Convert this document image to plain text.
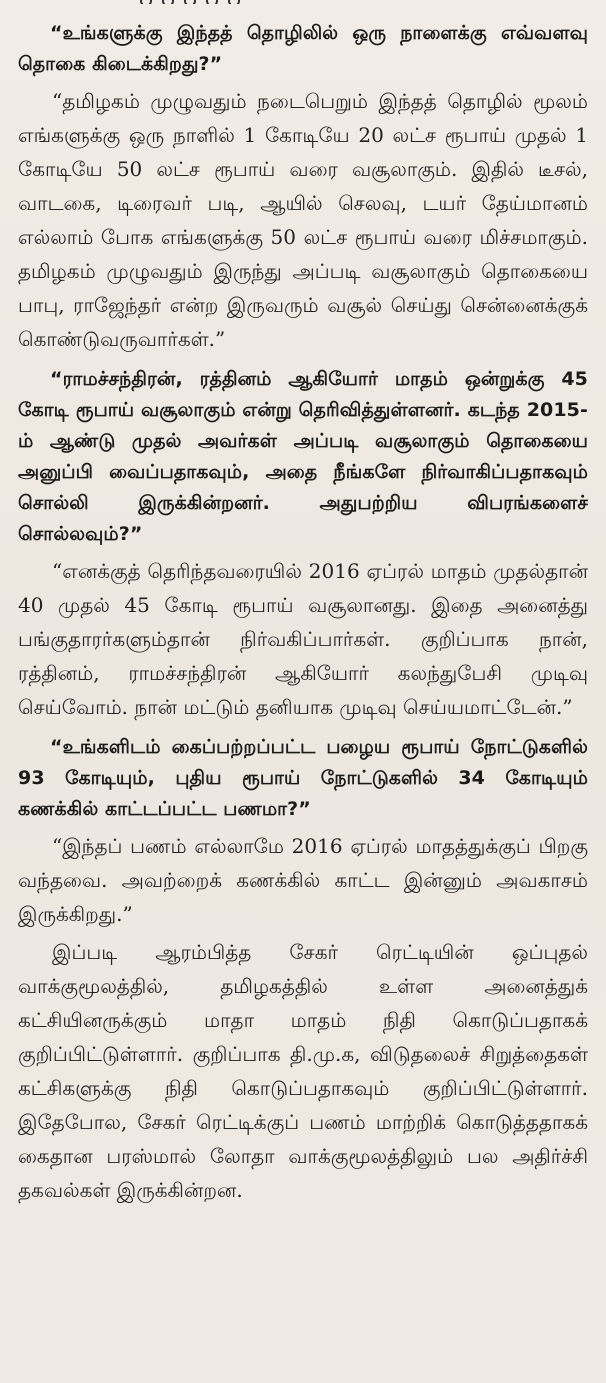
“உங்களுக்கு இந்தத் தொழிலில் ஒரு நாளைக்கு எவ்வளவு தொகை கிடைக்கிறது?”

“தமிழகம் முழுவதும் நடைபெறும் இந்தத் தொழில் மூலம் எங்களுக்கு ஒரு நாளில் 1 கோடியே 20 லட்ச ரூபாய் முதல் 1 கோடியே 50 லட்ச ரூபாய் வரை வசூலாகும். இதில் டீசல், வாடகை, டிரைவர் படி, ஆயில் செலவு, டயர் தேய்மானம் எல்லாம் போக எங்களுக்கு 50 லட்ச ரூபாய் வரை மிச்சமாகும். தமிழகம் முழுவதும் இருந்து அப்படி வசூலாகும் தொகையை பாபு, ராஜேந்தர் என்ற இருவரும் வசூல் செய்து சென்னைக்குக் கொண்டுவருவார்கள்.”

“ராமச்சந்திரன், ரத்தினம் ஆகியோர் மாதம் ஒன்றுக்கு 45 கோடி ரூபாய் வசூலாகும் என்று தெரிவித்துள்ளனர். கடந்த 2015-ம் ஆண்டு முதல் அவர்கள் அப்படி வசூலாகும் தொகையை அனுப்பி வைப்பதாகவும், அதை நீங்களே நிர்வாகிப்பதாகவும் சொல்லி இருக்கின்றனர். அதுபற்றிய விபரங்களைச் சொல்லவும்?”

“எனக்குத் தெரிந்தவரையில் 2016 ஏப்ரல் மாதம் முதல்தான் 40 முதல் 45 கோடி ரூபாய் வசூலானது. இதை அனைத்து பங்குதாரர்களும்தான் நிர்வகிப்பார்கள். குறிப்பாக நான், ரத்தினம், ராமச்சந்திரன் ஆகியோர் கலந்துபேசி முடிவு செய்வோம். நான் மட்டும் தனியாக முடிவு செய்யமாட்டேன்.”

“உங்களிடம் கைப்பற்றப்பட்ட பழைய ரூபாய் நோட்டுகளில் 93 கோடியும், புதிய ரூபாய் நோட்டுகளில் 34 கோடியும் கணக்கில் காட்டப்பட்ட பணமா?”

“இந்தப் பணம் எல்லாமே 2016 ஏப்ரல் மாதத்துக்குப் பிறகு வந்தவை. அவற்றைக் கணக்கில் காட்ட இன்னும் அவகாசம் இருக்கிறது.”

இப்படி ஆரம்பித்த சேகர் ரெட்டியின் ஒப்புதல் வாக்குமூலத்தில், தமிழகத்தில் உள்ள அனைத்துக் கட்சியினருக்கும் மாதா மாதம் நிதி கொடுப்பதாகக் குறிப்பிட்டுள்ளார். குறிப்பாக தி.மு.க, விடுதலைச் சிறுத்தைகள் கட்சிகளுக்கு நிதி கொடுப்பதாகவும் குறிப்பிட்டுள்ளார். இதேபோல, சேகர் ரெட்டிக்குப் பணம் மாற்றிக் கொடுத்ததாகக் கைதான பரஸ்மால் லோதா வாக்குமூலத்திலும் பல அதிர்ச்சி தகவல்கள் இருக்கின்றன.
